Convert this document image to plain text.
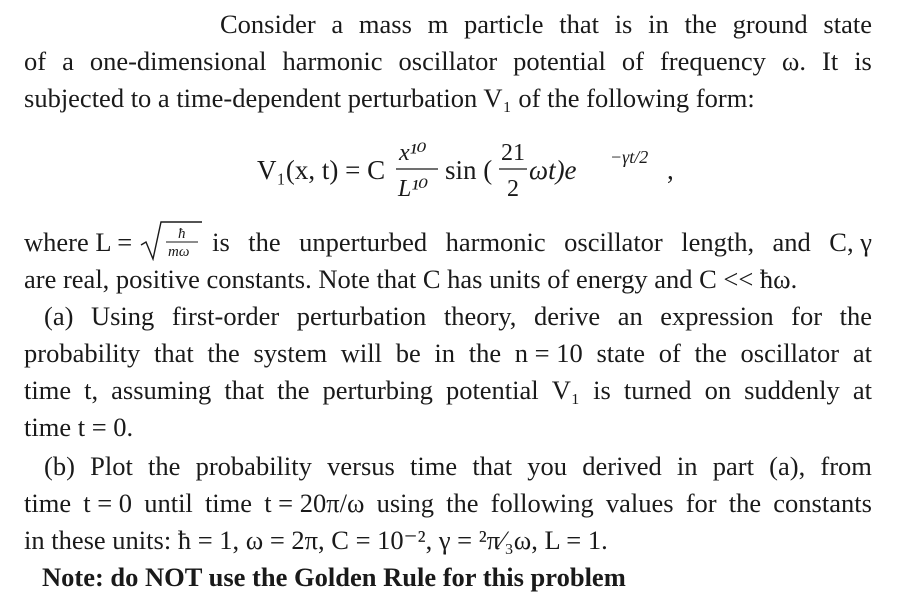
Consider a mass m particle that is in the ground state
of a one-dimensional harmonic oscillator potential of frequency ω. It is
subjected to a time-dependent perturbation V₁ of the following form:
V₁(x, t) = C
x¹⁰
L¹⁰
sin (
21
2
ωt)e −γt/2 ,
where L =	ħ
mω is the unperturbed harmonic oscillator length, and C, γ
are real, positive constants. Note that C has units of energy and C << ħω.
(a) Using first-order perturbation theory, derive an expression for the
probability that the system will be in the n = 10 state of the oscillator at
time t, assuming that the perturbing potential V₁ is turned on suddenly at
time t = 0.
(b) Plot the probability versus time that you derived in part (a), from
time t = 0 until time t = 20π/ω using the following values for the constants
in these units: ħ = 1, ω = 2π, C = 10⁻², γ = ²π⁄₃ω, L = 1.
Note: do NOT use the Golden Rule for this problem
